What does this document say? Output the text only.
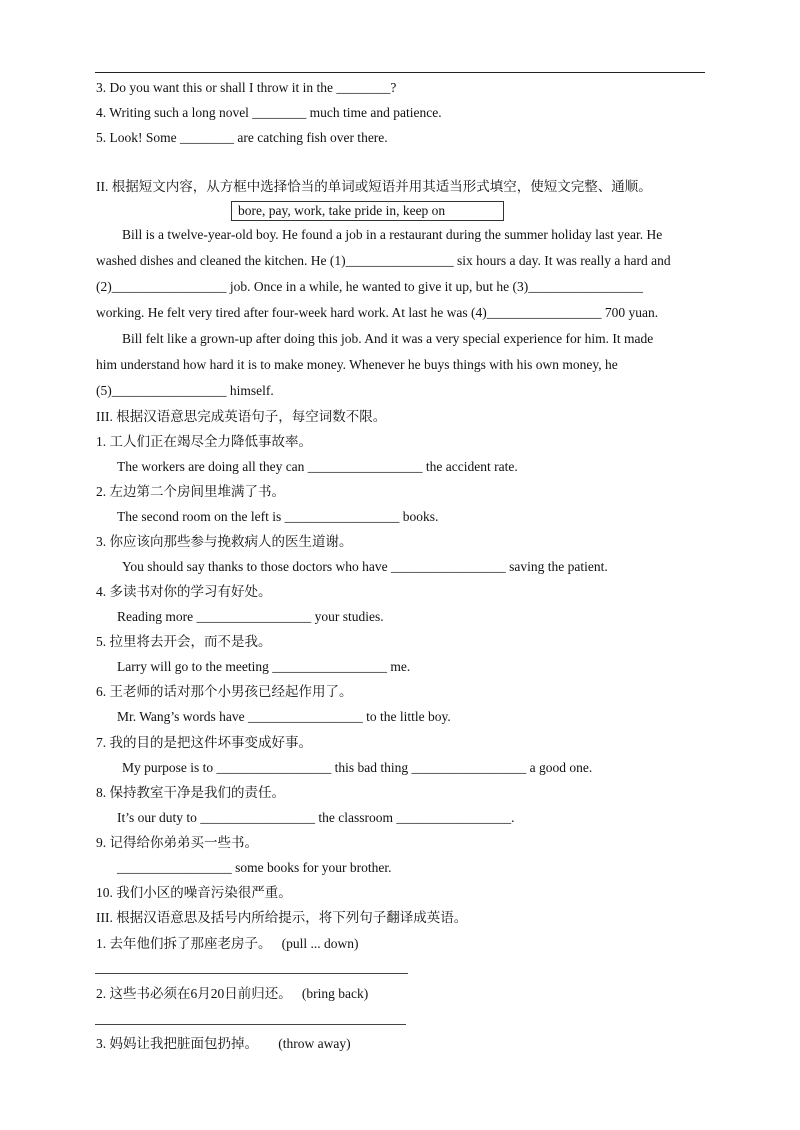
3. Do you want this or shall I throw it in the ________?
4. Writing such a long novel ________ much time and patience.
5. Look! Some ________ are catching fish over there.
II. 根据短文内容，从方框中选择恰当的单词或短语并用其适当形式填空，使短文完整、通顺。
bore, pay, work, take pride in, keep on
Bill is a twelve-year-old boy. He found a job in a restaurant during the summer holiday last year. He
washed dishes and cleaned the kitchen. He (1)________________ six hours a day. It was really a hard and
(2)_________________ job. Once in a while, he wanted to give it up, but he (3)_________________
working. He felt very tired after four-week hard work. At last he was (4)_________________ 700 yuan.
Bill felt like a grown-up after doing this job. And it was a very special experience for him. It made
him understand how hard it is to make money. Whenever he buys things with his own money, he
(5)_________________ himself.
III. 根据汉语意思完成英语句子，每空词数不限。
1. 工人们正在竭尽全力降低事故率。
The workers are doing all they can _________________ the accident rate.
2. 左边第二个房间里堆满了书。
The second room on the left is _________________ books.
3. 你应该向那些参与挽救病人的医生道谢。
You should say thanks to those doctors who have _________________ saving the patient.
4. 多读书对你的学习有好处。
Reading more _________________ your studies.
5. 拉里将去开会，而不是我。
Larry will go to the meeting _________________ me.
6. 王老师的话对那个小男孩已经起作用了。
Mr. Wang’s words have _________________ to the little boy.
7. 我的目的是把这件坏事变成好事。
My purpose is to _________________ this bad thing _________________ a good one.
8. 保持教室干净是我们的责任。
It’s our duty to _________________ the classroom _________________.
9. 记得给你弟弟买一些书。
_________________ some books for your brother.
10. 我们小区的噪音污染很严重。
III. 根据汉语意思及括号内所给提示，将下列句子翻译成英语。
1. 去年他们拆了那座老房子。 (pull ... down)
2. 这些书必须在6月20日前归还。 (bring back)
3. 妈妈让我把脏面包扔掉。 (throw away)
